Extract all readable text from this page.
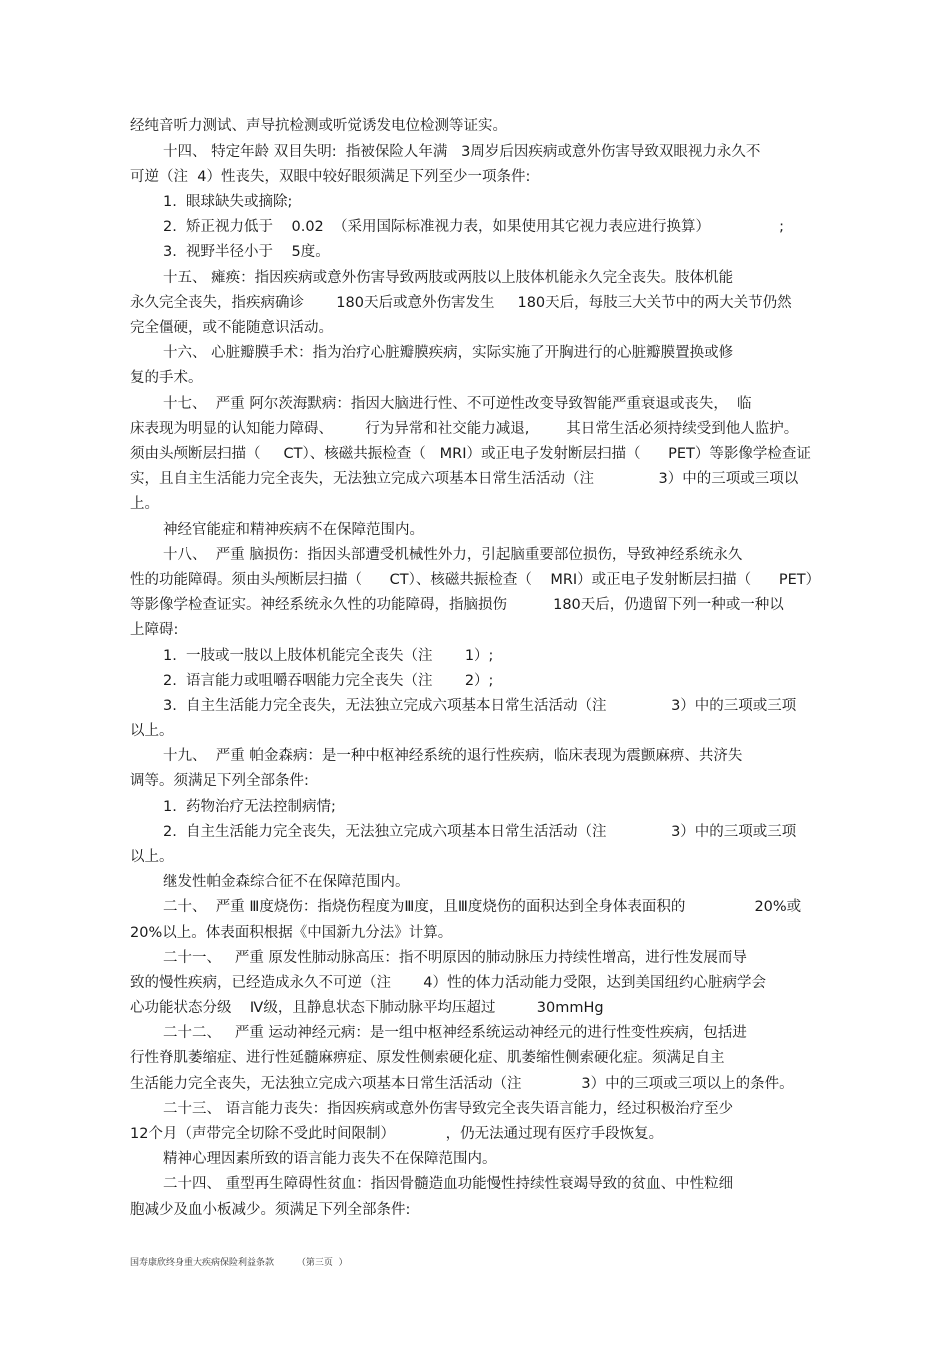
经纯音听力测试、声导抗检测或听觉诱发电位检测等证实。
十四、 特定年龄 双目失明:  指被保险人年满   3周岁后因疾病或意外伤害导致双眼视力永久不
可逆（注  4）性丧失，双眼中较好眼须满足下列至少一项条件:
1.  眼球缺失或摘除;
2.  矫正视力低于    0.02  （采用国际标准视力表，如果使用其它视力表应进行换算）               ;
3.  视野半径小于    5度。
十五、 瘫痪：指因疾病或意外伤害导致两肢或两肢以上肢体机能永久完全丧失。肢体机能
永久完全丧失，指疾病确诊       180天后或意外伤害发生     180天后，每肢三大关节中的两大关节仍然
完全僵硬，或不能随意识活动。
十六、 心脏瓣膜手术：指为治疗心脏瓣膜疾病，实际实施了开胸进行的心脏瓣膜置换或修
复的手术。
十七、  严重 阿尔茨海默病：指因大脑进行性、不可逆性改变导致智能严重衰退或丧失，  临
床表现为明显的认知能力障碍、       行为异常和社交能力减退,        其日常生活必须持续受到他人监护。
须由头颅断层扫描（     CT）、核磁共振检查（   MRI）或正电子发射断层扫描（      PET）等影像学检查证
实，且自主生活能力完全丧失，无法独立完成六项基本日常生活活动（注              3）中的三项或三项以
上。
神经官能症和精神疾病不在保障范围内。
十八、  严重 脑损伤：指因头部遭受机械性外力，引起脑重要部位损伤，导致神经系统永久
性的功能障碍。须由头颅断层扫描（      CT）、核磁共振检查（    MRI）或正电子发射断层扫描（      PET）
等影像学检查证实。神经系统永久性的功能障碍，指脑损伤          180天后，仍遗留下列一种或一种以
上障碍:
1.  一肢或一肢以上肢体机能完全丧失（注       1）;
2.  语言能力或咀嚼吞咽能力完全丧失（注       2）;
3.  自主生活能力完全丧失，无法独立完成六项基本日常生活活动（注              3）中的三项或三项
以上。
十九、  严重 帕金森病：是一种中枢神经系统的退行性疾病，临床表现为震颤麻痹、共济失
调等。须满足下列全部条件:
1.  药物治疗无法控制病情;
2.  自主生活能力完全丧失，无法独立完成六项基本日常生活活动（注              3）中的三项或三项
以上。
继发性帕金森综合征不在保障范围内。
二十、  严重 Ⅲ度烧伤：指烧伤程度为Ⅲ度，且Ⅲ度烧伤的面积达到全身体表面积的               20%或
20%以上。体表面积根据《中国新九分法》计算。
二十一、   严重 原发性肺动脉高压：指不明原因的肺动脉压力持续性增高，进行性发展而导
致的慢性疾病，已经造成永久不可逆（注       4）性的体力活动能力受限，达到美国纽约心脏病学会
心功能状态分级    Ⅳ级，且静息状态下肺动脉平均压超过         30mmHg
二十二、   严重 运动神经元病：是一组中枢神经系统运动神经元的进行性变性疾病，包括进
行性脊肌萎缩症、进行性延髓麻痹症、原发性侧索硬化症、肌萎缩性侧索硬化症。须满足自主
生活能力完全丧失，无法独立完成六项基本日常生活活动（注             3）中的三项或三项以上的条件。
二十三、 语言能力丧失：指因疾病或意外伤害导致完全丧失语言能力，经过积极治疗至少
12个月（声带完全切除不受此时间限制）           ，仍无法通过现有医疗手段恢复。
精神心理因素所致的语言能力丧失不在保障范围内。
二十四、 重型再生障碍性贫血：指因骨髓造血功能慢性持续性衰竭导致的贫血、中性粒细
胞减少及血小板减少。须满足下列全部条件:
国寿康欣终身重大疾病保险利益条款        （第三页  ）
